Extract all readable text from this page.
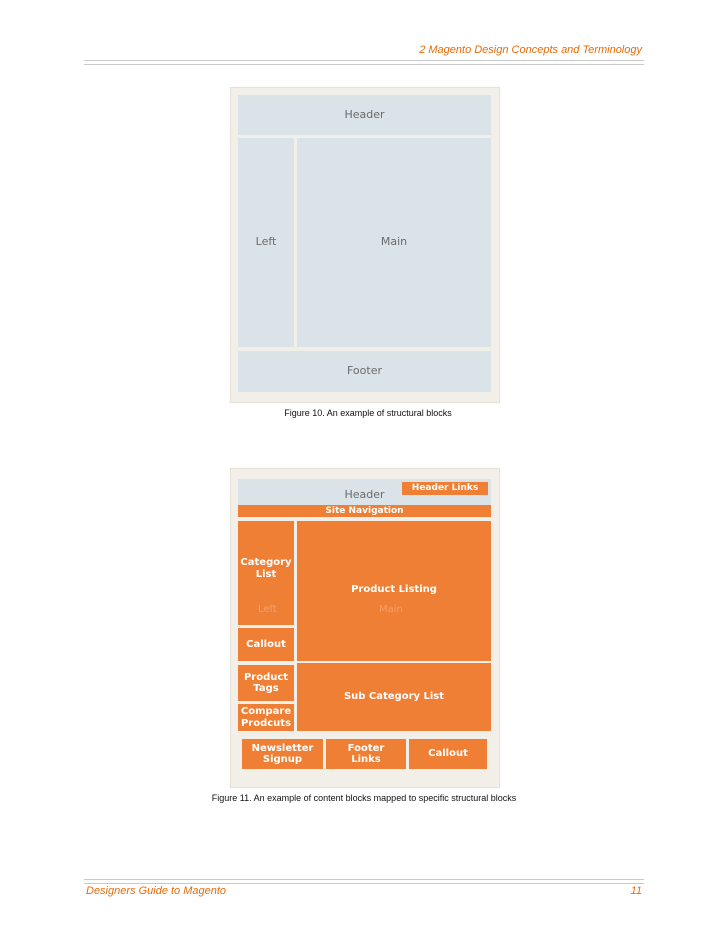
2 Magento Design Concepts and Terminology
Header
Left	Main
Footer
Figure 10. An example of structural blocks
Header	Header Links
Site Navigation
Category
List
Left
Product Listing
Main
Callout
Product
Tags
Compare
Prodcuts
Sub Category List
Newsletter
Signup
Footer
Links
Callout
Figure 11. An example of content blocks mapped to specific structural blocks
Designers Guide to Magento	11
